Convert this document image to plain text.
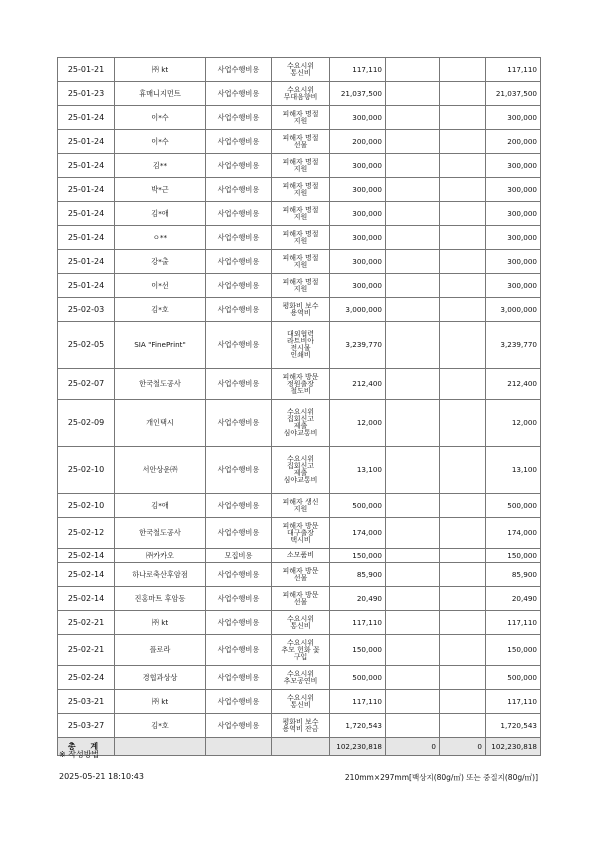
25-01-21	㈜ kt	사업수행비용	수요시위
통신비	117,110			117,110
25-01-23	휴매니지먼트	사업수행비용	수요시위
무대음향비	21,037,500			21,037,500
25-01-24	이*수	사업수행비용	피해자 명절
지원	300,000			300,000
25-01-24	이*수	사업수행비용	피해자 명절
선물	200,000			200,000
25-01-24	김**	사업수행비용	피해자 명절
지원	300,000			300,000
25-01-24	박*근	사업수행비용	피해자 명절
지원	300,000			300,000
25-01-24	김*애	사업수행비용	피해자 명절
지원	300,000			300,000
25-01-24	ㅇ**	사업수행비용	피해자 명절
지원	300,000			300,000
25-01-24	강*출	사업수행비용	피해자 명절
지원	300,000			300,000
25-01-24	이*선	사업수행비용	피해자 명절
지원	300,000			300,000
25-02-03	김*호	사업수행비용	평화비 보수
용역비	3,000,000			3,000,000
25-02-05	SIA "FinePrint"	사업수행비용	대외협력
라트비아
전시물
인쇄비	3,239,770			3,239,770
25-02-07	한국철도공사	사업수행비용	피해자 방문
정원출장
철도비	212,400			212,400
25-02-09	개인택시	사업수행비용	수요시위
집회신고
제출
심야교통비	12,000			12,000
25-02-10	서안상운㈜	사업수행비용	수요시위
집회신고
제출
심야교통비	13,100			13,100
25-02-10	김*애	사업수행비용	피해자 생신
지원	500,000			500,000
25-02-12	한국철도공사	사업수행비용	피해자 방문
대구출장
택시비	174,000			174,000
25-02-14	㈜카카오	모집비용	소모품비	150,000			150,000
25-02-14	하나로축산후암점	사업수행비용	피해자 방문
선물	85,900			85,900
25-02-14	진홍마트 후암동	사업수행비용	피해자 방문
선물	20,490			20,490
25-02-21	㈜ kt	사업수행비용	수요시위
통신비	117,110			117,110
25-02-21	플로라	사업수행비용	수요시위
추모 헌화 꽃
구입	150,000			150,000
25-02-24	경협과상상	사업수행비용	수요시위
추모공연비	500,000			500,000
25-03-21	㈜ kt	사업수행비용	수요시위
통신비	117,110			117,110
25-03-27	김*호	사업수행비용	평화비 보수
용역비 잔금	1,720,543			1,720,543
총 계				102,230,818	0	0	102,230,818
※ 작성방법
2025-05-21 18:10:43	210mm×297mm[백상지(80g/㎡) 또는 중질지(80g/㎡)]
